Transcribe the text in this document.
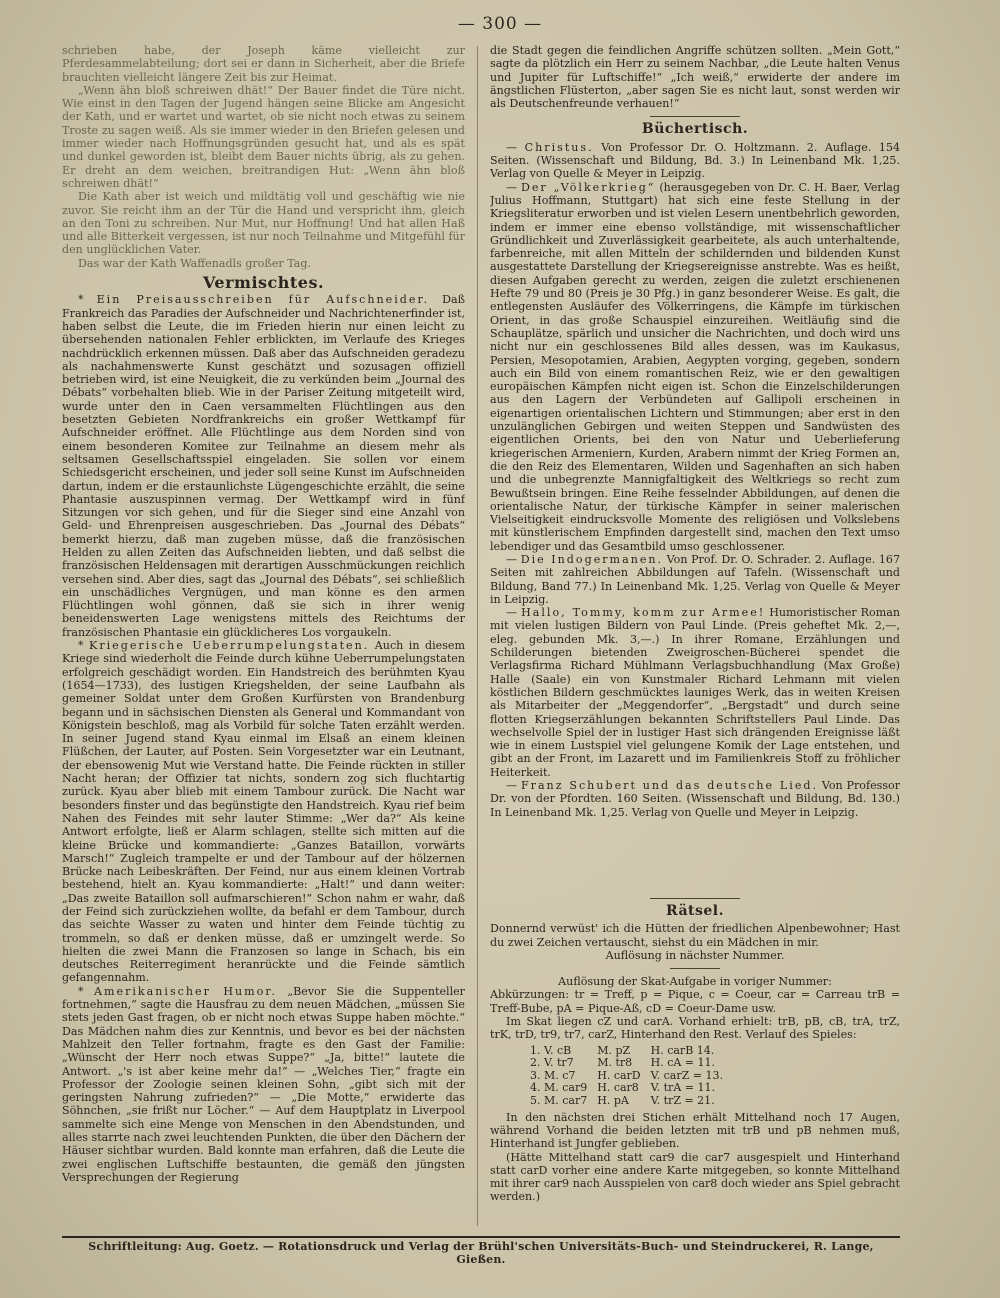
— 300 —

schrieben habe, der Joseph käme vielleicht zur Pferdesammelabteilung; dort sei er dann in Sicherheit, aber die Briefe brauchten vielleicht längere Zeit bis zur Heimat.

„Wenn ähn bloß schreiwen dhät!“ Der Bauer findet die Türe nicht. Wie einst in den Tagen der Jugend hängen seine Blicke am Angesicht der Kath, und er wartet und wartet, ob sie nicht noch etwas zu seinem Troste zu sagen weiß. Als sie immer wieder in den Briefen gelesen und immer wieder nach Hoffnungsgründen gesucht hat, und als es spät und dunkel geworden ist, bleibt dem Bauer nichts übrig, als zu gehen. Er dreht an dem weichen, breitrandigen Hut: „Wenn ähn bloß schreiwen dhät!“

Die Kath aber ist weich und mildtätig voll und geschäftig wie nie zuvor. Sie reicht ihm an der Tür die Hand und verspricht ihm, gleich an den Toni zu schreiben. Nur Mut, nur Hoffnung! Und hat allen Haß und alle Bitterkeit vergessen, ist nur noch Teilnahme und Mitgefühl für den unglücklichen Vater.

Das war der Kath Waffenadls großer Tag.

Vermischtes.

* Ein Preisausschreiben für Aufschneider. Daß Frankreich das Paradies der Aufschneider und Nachrichtenerfinder ist, haben selbst die Leute, die im Frieden hierin nur einen leicht zu übersehenden nationalen Fehler erblickten, im Verlaufe des Krieges nachdrücklich erkennen müssen. Daß aber das Aufschneiden geradezu als nachahmenswerte Kunst geschätzt und sozusagen offiziell betrieben wird, ist eine Neuigkeit, die zu verkünden beim „Journal des Débats“ vorbehalten blieb. Wie in der Pariser Zeitung mitgeteilt wird, wurde unter den in Caen versammelten Flüchtlingen aus den besetzten Gebieten Nordfrankreichs ein großer Wettkampf für Aufschneider eröffnet. Alle Flüchtlinge aus dem Norden sind von einem besonderen Komitee zur Teilnahme an diesem mehr als seltsamen Gesellschaftsspiel eingeladen. Sie sollen vor einem Schiedsgericht erscheinen, und jeder soll seine Kunst im Aufschneiden dartun, indem er die erstaunlichste Lügengeschichte erzählt, die seine Phantasie auszuspinnen vermag. Der Wettkampf wird in fünf Sitzungen vor sich gehen, und für die Sieger sind eine Anzahl von Geld- und Ehrenpreisen ausgeschrieben. Das „Journal des Débats“ bemerkt hierzu, daß man zugeben müsse, daß die französischen Helden zu allen Zeiten das Aufschneiden liebten, und daß selbst die französischen Heldensagen mit derartigen Ausschmückungen reichlich versehen sind. Aber dies, sagt das „Journal des Débats“, sei schließlich ein unschädliches Vergnügen, und man könne es den armen Flüchtlingen wohl gönnen, daß sie sich in ihrer wenig beneidenswerten Lage wenigstens mittels des Reichtums der französischen Phantasie ein glücklicheres Los vorgaukeln.

* Kriegerische Ueberrumpelungstaten. Auch in diesem Kriege sind wiederholt die Feinde durch kühne Ueberrumpelungstaten erfolgreich geschädigt worden. Ein Handstreich des berühmten Kyau (1654—1733), des lustigen Kriegshelden, der seine Laufbahn als gemeiner Soldat unter dem Großen Kurfürsten von Brandenburg begann und in sächsischen Diensten als General und Kommandant von Königstein beschloß, mag als Vorbild für solche Taten erzählt werden. In seiner Jugend stand Kyau einmal im Elsaß an einem kleinen Flüßchen, der Lauter, auf Posten. Sein Vorgesetzter war ein Leutnant, der ebensowenig Mut wie Verstand hatte. Die Feinde rückten in stiller Nacht heran; der Offizier tat nichts, sondern zog sich fluchtartig zurück. Kyau aber blieb mit einem Tambour zurück. Die Nacht war besonders finster und das begünstigte den Handstreich. Kyau rief beim Nahen des Feindes mit sehr lauter Stimme: „Wer da?“ Als keine Antwort erfolgte, ließ er Alarm schlagen, stellte sich mitten auf die kleine Brücke und kommandierte: „Ganzes Bataillon, vorwärts Marsch!“ Zugleich trampelte er und der Tambour auf der hölzernen Brücke nach Leibeskräften. Der Feind, nur aus einem kleinen Vortrab bestehend, hielt an. Kyau kommandierte: „Halt!“ und dann weiter: „Das zweite Bataillon soll aufmarschieren!“ Schon nahm er wahr, daß der Feind sich zurückziehen wollte, da befahl er dem Tambour, durch das seichte Wasser zu waten und hinter dem Feinde tüchtig zu trommeln, so daß er denken müsse, daß er umzingelt werde. So hielten die zwei Mann die Franzosen so lange in Schach, bis ein deutsches Reiterregiment heranrückte und die Feinde sämtlich gefangennahm.

* Amerikanischer Humor. „Bevor Sie die Suppenteller fortnehmen,“ sagte die Hausfrau zu dem neuen Mädchen, „müssen Sie stets jeden Gast fragen, ob er nicht noch etwas Suppe haben möchte.“ Das Mädchen nahm dies zur Kenntnis, und bevor es bei der nächsten Mahlzeit den Teller fortnahm, fragte es den Gast der Familie: „Wünscht der Herr noch etwas Suppe?“ „Ja, bitte!“ lautete die Antwort. „'s ist aber keine mehr da!“ — „Welches Tier,“ fragte ein Professor der Zoologie seinen kleinen Sohn, „gibt sich mit der geringsten Nahrung zufrieden?“ — „Die Motte,“ erwiderte das Söhnchen, „sie frißt nur Löcher.“ — Auf dem Hauptplatz in Liverpool sammelte sich eine Menge von Menschen in den Abendstunden, und alles starrte nach zwei leuchtenden Punkten, die über den Dächern der Häuser sichtbar wurden. Bald konnte man erfahren, daß die Leute die zwei englischen Luftschiffe bestaunten, die gemäß den jüngsten Versprechungen der Regierung

die Stadt gegen die feindlichen Angriffe schützen sollten. „Mein Gott,“ sagte da plötzlich ein Herr zu seinem Nachbar, „die Leute halten Venus und Jupiter für Luftschiffe!“ „Ich weiß,“ erwiderte der andere im ängstlichen Flüsterton, „aber sagen Sie es nicht laut, sonst werden wir als Deutschenfreunde verhauen!“

Büchertisch.

— Christus. Von Professor Dr. O. Holtzmann. 2. Auflage. 154 Seiten. (Wissenschaft und Bildung, Bd. 3.) In Leinenband Mk. 1,25. Verlag von Quelle & Meyer in Leipzig.

— Der „Völkerkrieg“ (herausgegeben von Dr. C. H. Baer, Verlag Julius Hoffmann, Stuttgart) hat sich eine feste Stellung in der Kriegsliteratur erworben und ist vielen Lesern unentbehrlich geworden, indem er immer eine ebenso vollständige, mit wissenschaftlicher Gründlichkeit und Zuverlässigkeit gearbeitete, als auch unterhaltende, farbenreiche, mit allen Mitteln der schildernden und bildenden Kunst ausgestattete Darstellung der Kriegsereignisse anstrebte. Was es heißt, diesen Aufgaben gerecht zu werden, zeigen die zuletzt erschienenen Hefte 79 und 80 (Preis je 30 Pfg.) in ganz besonderer Weise. Es galt, die entlegensten Ausläufer des Völkerringens, die Kämpfe im türkischen Orient, in das große Schauspiel einzureihen. Weitläufig sind die Schauplätze, spärlich und unsicher die Nachrichten, und doch wird uns nicht nur ein geschlossenes Bild alles dessen, was im Kaukasus, Persien, Mesopotamien, Arabien, Aegypten vorging, gegeben, sondern auch ein Bild von einem romantischen Reiz, wie er den gewaltigen europäischen Kämpfen nicht eigen ist. Schon die Einzelschilderungen aus den Lagern der Verbündeten auf Gallipoli erscheinen in eigenartigen orientalischen Lichtern und Stimmungen; aber erst in den unzulänglichen Gebirgen und weiten Steppen und Sandwüsten des eigentlichen Orients, bei den von Natur und Ueberlieferung kriegerischen Armeniern, Kurden, Arabern nimmt der Krieg Formen an, die den Reiz des Elementaren, Wilden und Sagenhaften an sich haben und die unbegrenzte Mannigfaltigkeit des Weltkriegs so recht zum Bewußtsein bringen. Eine Reihe fesselnder Abbildungen, auf denen die orientalische Natur, der türkische Kämpfer in seiner malerischen Vielseitigkeit eindrucksvolle Momente des religiösen und Volkslebens mit künstlerischem Empfinden dargestellt sind, machen den Text umso lebendiger und das Gesamtbild umso geschlossener.

— Die Indogermanen. Von Prof. Dr. O. Schrader. 2. Auflage. 167 Seiten mit zahlreichen Abbildungen auf Tafeln. (Wissenschaft und Bildung, Band 77.) In Leinenband Mk. 1,25. Verlag von Quelle & Meyer in Leipzig.

— Hallo, Tommy, komm zur Armee! Humoristischer Roman mit vielen lustigen Bildern von Paul Linde. (Preis geheftet Mk. 2,—, eleg. gebunden Mk. 3,—.) In ihrer Romane, Erzählungen und Schilderungen bietenden Zweigroschen-Bücherei spendet die Verlagsfirma Richard Mühlmann Verlagsbuchhandlung (Max Große) Halle (Saale) ein von Kunstmaler Richard Lehmann mit vielen köstlichen Bildern geschmücktes launiges Werk, das in weiten Kreisen als Mitarbeiter der „Meggendorfer“, „Bergstadt“ und durch seine flotten Kriegserzählungen bekannten Schriftstellers Paul Linde. Das wechselvolle Spiel der in lustiger Hast sich drängenden Ereignisse läßt wie in einem Lustspiel viel gelungene Komik der Lage entstehen, und gibt an der Front, im Lazarett und im Familienkreis Stoff zu fröhlicher Heiterkeit.

— Franz Schubert und das deutsche Lied. Von Professor Dr. von der Pfordten. 160 Seiten. (Wissenschaft und Bildung, Bd. 130.) In Leinenband Mk. 1,25. Verlag von Quelle und Meyer in Leipzig.

Rätsel.

Donnernd verwüst' ich die Hütten der friedlichen Alpenbewohner; Hast du zwei Zeichen vertauscht, siehst du ein Mädchen in mir.

Auflösung in nächster Nummer.

Auflösung der Skat-Aufgabe in voriger Nummer:

Abkürzungen: tr = Treff, p = Pique, c = Coeur, car = Carreau trB = Treff-Bube, pA = Pique-Aß, cD = Coeur-Dame usw.

Im Skat liegen cZ und carA. Vorhand erhielt: trB, pB, cB, trA, trZ, trK, trD, tr9, tr7, carZ, Hinterhand den Rest. Verlauf des Spieles:

1. V. cB	M. pZ	H. carB 14.
2. V. tr7	M. tr8	H. cA = 11.
3. M. c7	H. carD	V. carZ = 13.
4. M. car9	H. car8	V. trA = 11.
5. M. car7	H. pA	V. trZ = 21.

In den nächsten drei Stichen erhält Mittelhand noch 17 Augen, während Vorhand die beiden letzten mit trB und pB nehmen muß, Hinterhand ist Jungfer geblieben.

(Hätte Mittelhand statt car9 die car7 ausgespielt und Hinterhand statt carD vorher eine andere Karte mitgegeben, so konnte Mittelhand mit ihrer car9 nach Ausspielen von car8 doch wieder ans Spiel gebracht werden.)

Schriftleitung: Aug. Goetz. — Rotationsdruck und Verlag der Brühl'schen Universitäts-Buch- und Steindruckerei, R. Lange, Gießen.
